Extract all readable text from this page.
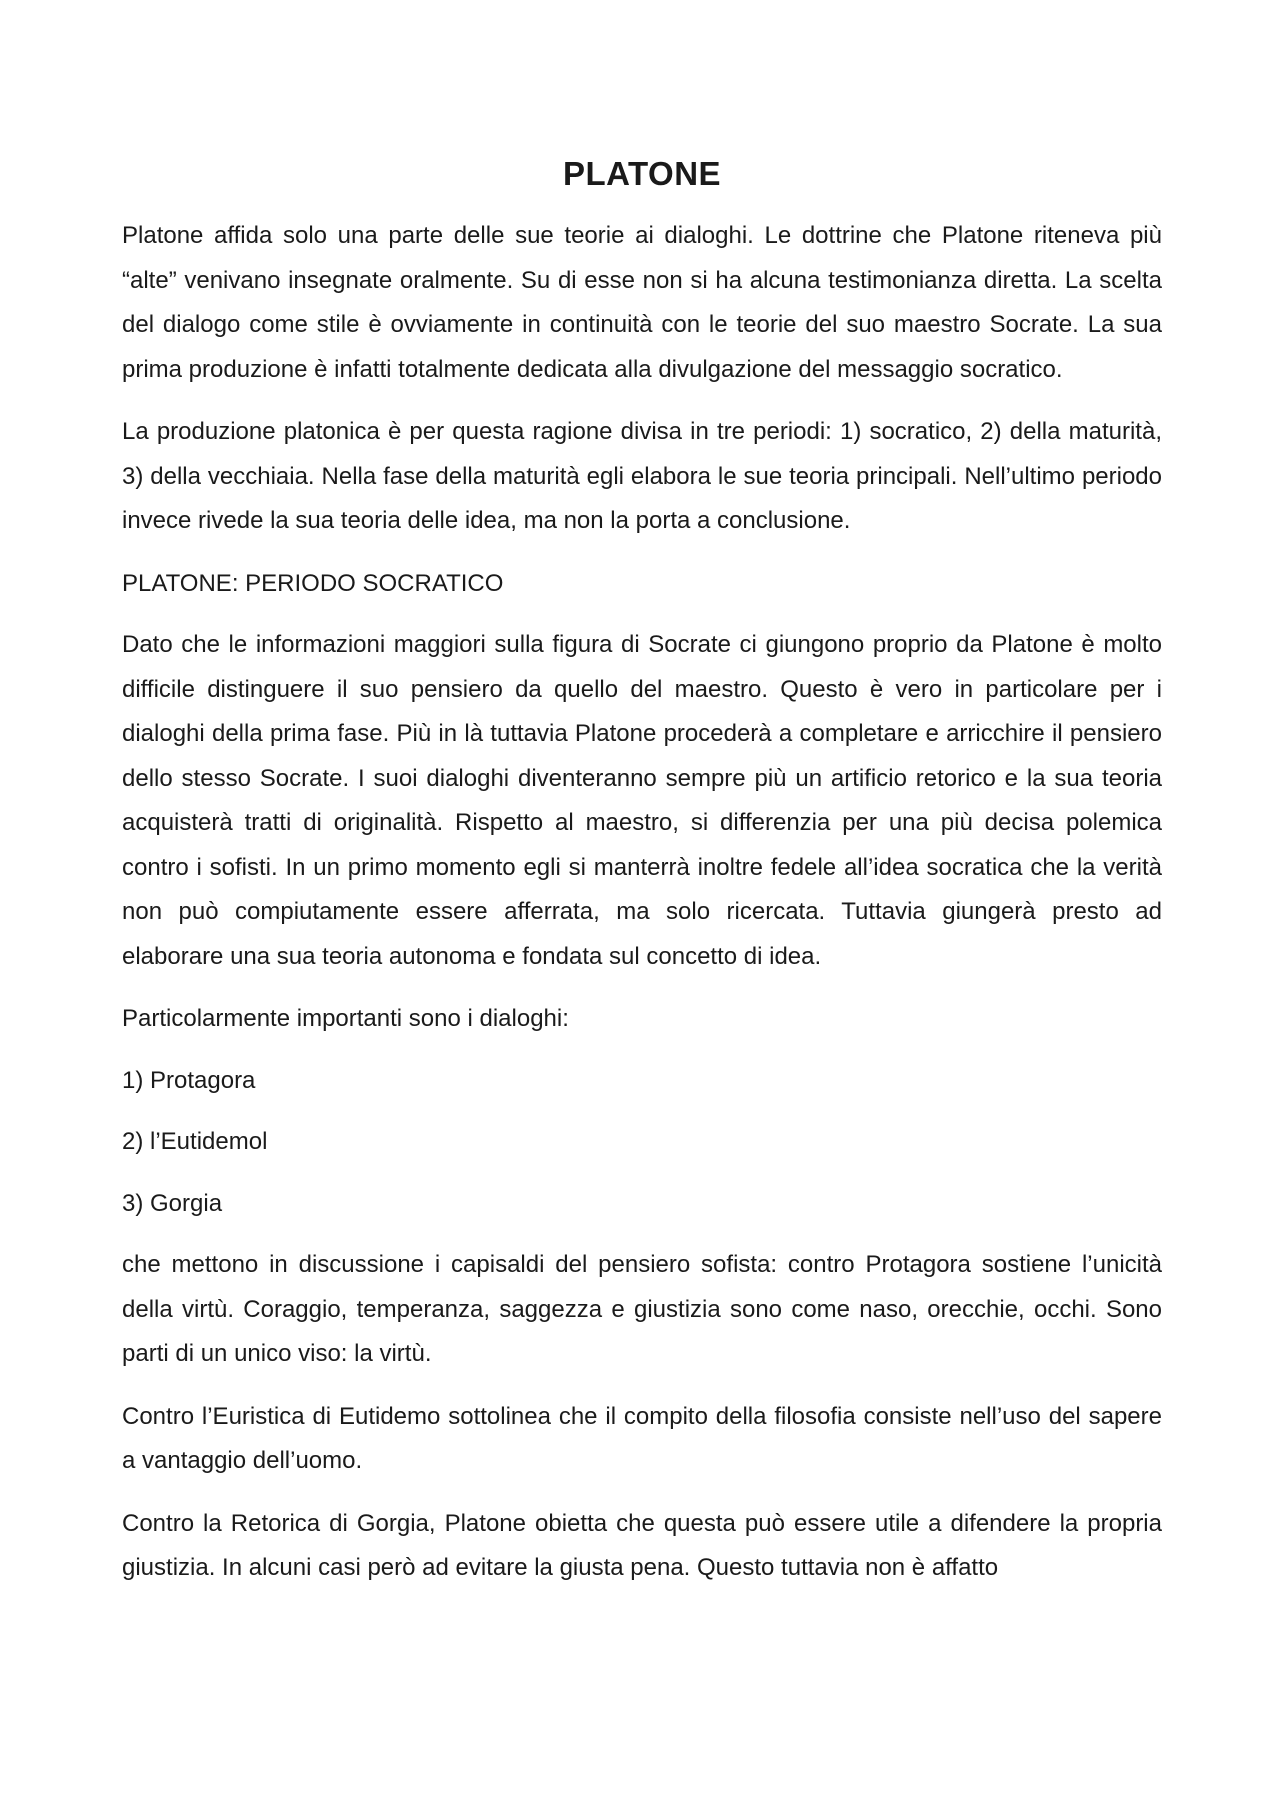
PLATONE

Platone affida solo una parte delle sue teorie ai dialoghi. Le dottrine che Platone riteneva più “alte” venivano insegnate oralmente. Su di esse non si ha alcuna testimonianza diretta. La scelta del dialogo come stile è ovviamente in continuità con le teorie del suo maestro Socrate. La sua prima produzione è infatti totalmente dedicata alla divulgazione del messaggio socratico.

La produzione platonica è per questa ragione divisa in tre periodi: 1) socratico, 2) della maturità, 3) della vecchiaia. Nella fase della maturità egli elabora le sue teoria principali. Nell’ultimo periodo invece rivede la sua teoria delle idea, ma non la porta a conclusione.

PLATONE: PERIODO SOCRATICO

Dato che le informazioni maggiori sulla figura di Socrate ci giungono proprio da Platone è molto difficile distinguere il suo pensiero da quello del maestro. Questo è vero in particolare per i dialoghi della prima fase. Più in là tuttavia Platone procederà a completare e arricchire il pensiero dello stesso Socrate. I suoi dialoghi diventeranno sempre più un artificio retorico e la sua teoria acquisterà tratti di originalità. Rispetto al maestro, si differenzia per una più decisa polemica contro i sofisti. In un primo momento egli si manterrà inoltre fedele all’idea socratica che la verità non può compiutamente essere afferrata, ma solo ricercata. Tuttavia giungerà presto ad elaborare una sua teoria autonoma e fondata sul concetto di idea.

Particolarmente importanti sono i dialoghi:

1) Protagora

2) l’Eutidemol

3) Gorgia

che mettono in discussione i capisaldi del pensiero sofista: contro Protagora sostiene l’unicità della virtù. Coraggio, temperanza, saggezza e giustizia sono come naso, orecchie, occhi. Sono parti di un unico viso: la virtù.

Contro l’Euristica di Eutidemo sottolinea che il compito della filosofia consiste nell’uso del sapere a vantaggio dell’uomo.

Contro la Retorica di Gorgia, Platone obietta che questa può essere utile a difendere la propria giustizia. In alcuni casi però ad evitare la giusta pena. Questo tuttavia non è affatto
